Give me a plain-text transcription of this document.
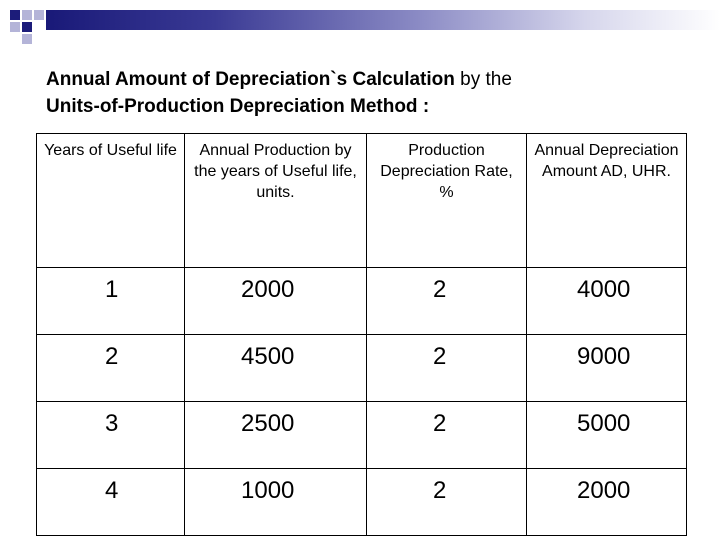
Annual Amount of Depreciation`s Calculation by the
Units-of-Production Depreciation Method :
Years of Useful life	Annual Production by the years of Useful life, units.	Production Depreciation Rate, %	Annual Depreciation Amount AD, UHR.
1	2000	2	4000
2	4500	2	9000
3	2500	2	5000
4	1000	2	2000
